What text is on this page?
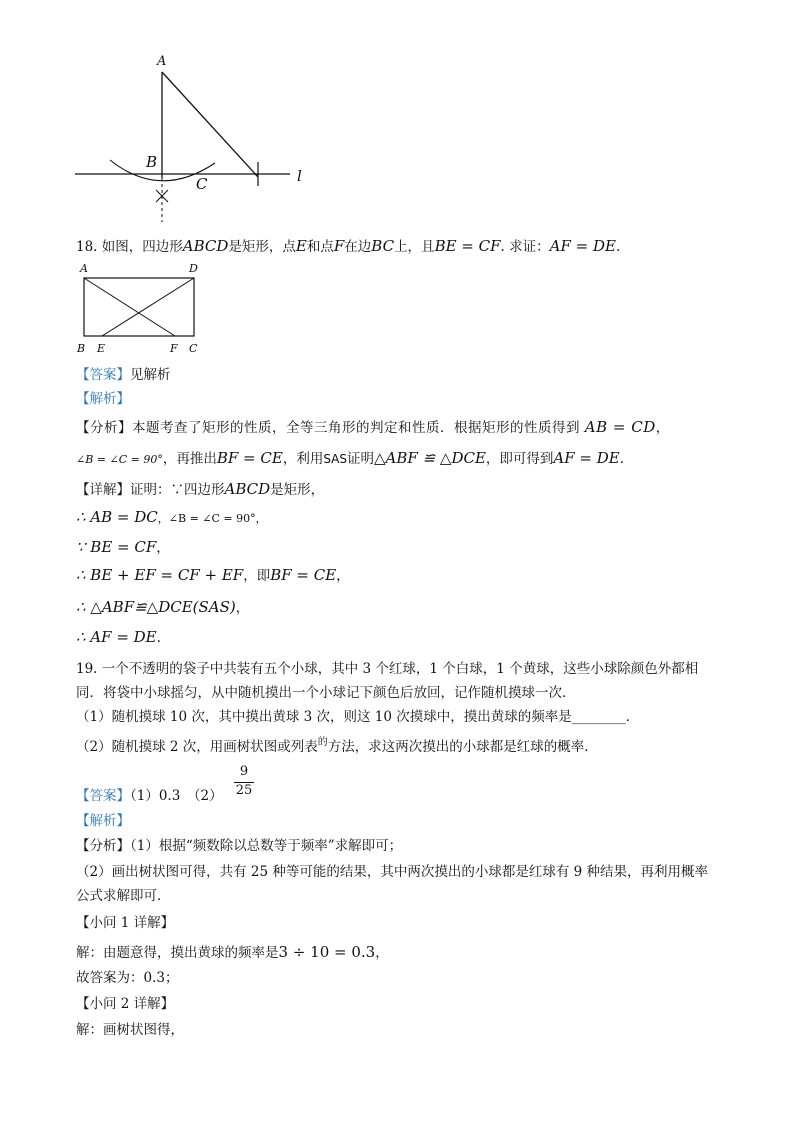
A
B
C	l
18. 如图，四边形ABCD是矩形，点E和点F在边BC上，且BE = CF. 求证：AF = DE.
A	D
B E	F C
【答案】见解析
【解析】
【分析】本题考查了矩形的性质，全等三角形的判定和性质．根据矩形的性质得到 AB = CD，
∠B = ∠C = 90°，再推出BF = CE，利用SAS证明△ABF ≌ △DCE，即可得到AF = DE.
【详解】证明：∵四边形ABCD是矩形，
∴ AB = DC，∠B = ∠C = 90°，
∵ BE = CF，
∴ BE + EF = CF + EF，即BF = CE，
∴ △ABF≌△DCE(SAS)，
∴ AF = DE.
19. 一个不透明的袋子中共装有五个小球，其中 3 个红球，1 个白球，1 个黄球，这些小球除颜色外都相
同．将袋中小球摇匀，从中随机摸出一个小球记下颜色后放回，记作随机摸球一次．
（1）随机摸球 10 次，其中摸出黄球 3 次，则这 10 次摸球中，摸出黄球的频率是________．
（2）随机摸球 2 次，用画树状图或列表$^的$方法，求这两次摸出的小球都是红球的概率．
【答案】（1）0.3　（2）
9
25
【解析】
【分析】（1）根据“频数除以总数等于频率”求解即可；
（2）画出树状图可得，共有 25 种等可能的结果，其中两次摸出的小球都是红球有 9 种结果，再利用概率
公式求解即可．
【小问 1 详解】
解：由题意得，摸出黄球的频率是3 ÷ 10 = 0.3，
故答案为：0.3；
【小问 2 详解】
解：画树状图得，
